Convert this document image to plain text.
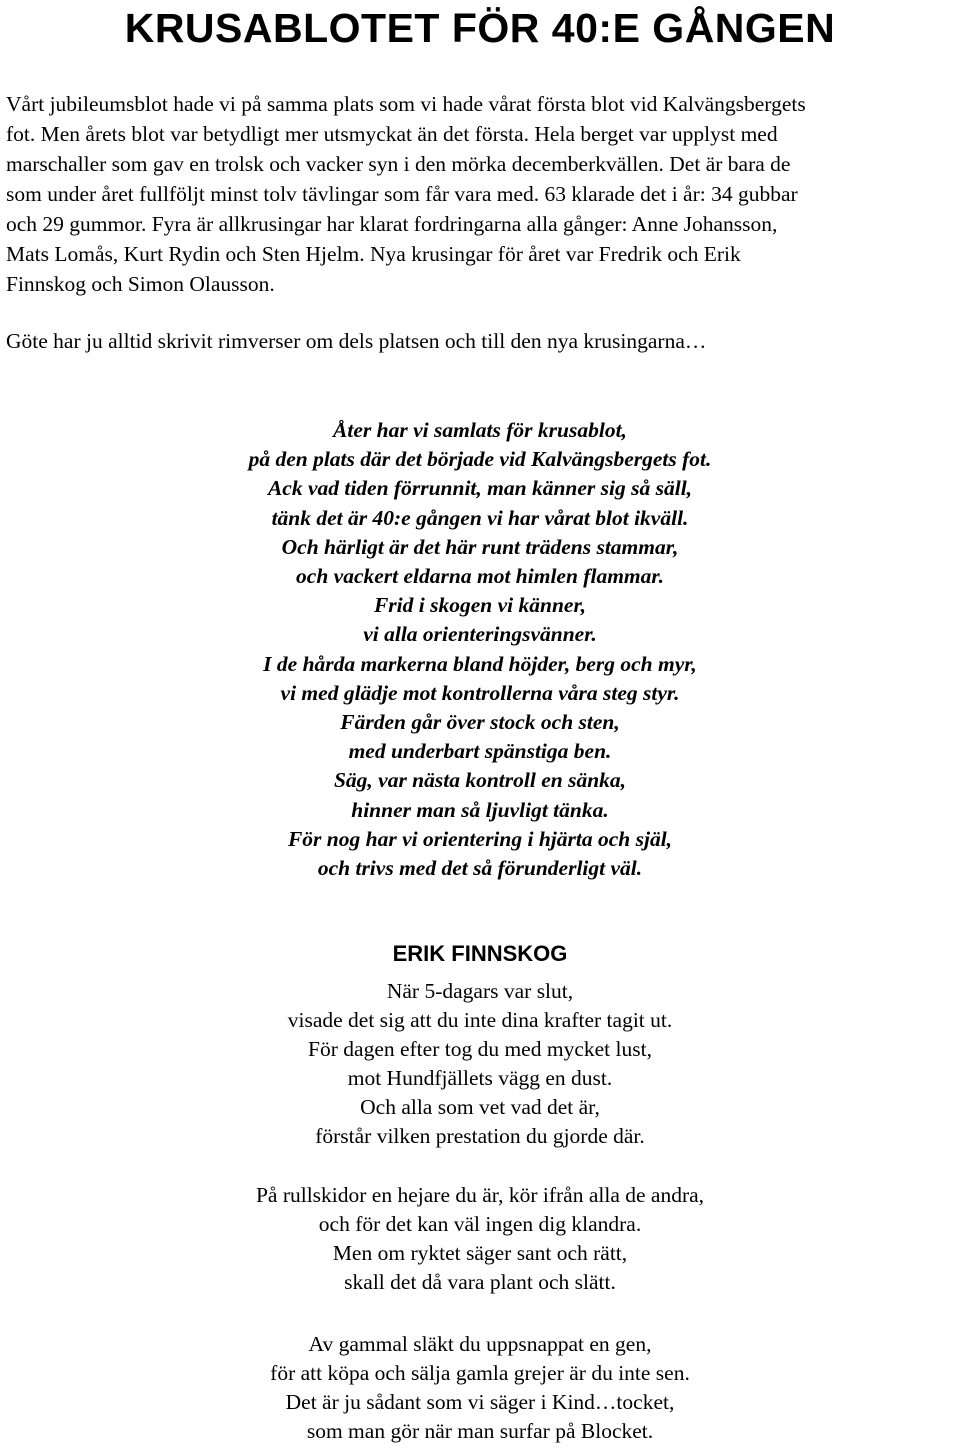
KRUSABLOTET FÖR 40:E GÅNGEN
Vårt jubileumsblot hade vi på samma plats som vi hade vårat första blot vid Kalvängsbergets
fot. Men årets blot var betydligt mer utsmyckat än det första. Hela berget var upplyst med
marschaller som gav en trolsk och vacker syn i den mörka decemberkvällen. Det är bara de
som under året fullföljt minst tolv tävlingar som får vara med. 63 klarade det i år: 34 gubbar
och 29 gummor. Fyra är allkrusingar har klarat fordringarna alla gånger: Anne Johansson,
Mats Lomås, Kurt Rydin och Sten Hjelm. Nya krusingar för året var Fredrik och Erik
Finnskog och Simon Olausson.
Göte har ju alltid skrivit rimverser om dels platsen och till den nya krusingarna…
Åter har vi samlats för krusablot,
på den plats där det började vid Kalvängsbergets fot.
Ack vad tiden förrunnit, man känner sig så säll,
tänk det är 40:e gången vi har vårat blot ikväll.
Och härligt är det här runt trädens stammar,
och vackert eldarna mot himlen flammar.
Frid i skogen vi känner,
vi alla orienteringsvänner.
I de hårda markerna bland höjder, berg och myr,
vi med glädje mot kontrollerna våra steg styr.
Färden går över stock och sten,
med underbart spänstiga ben.
Säg, var nästa kontroll en sänka,
hinner man så ljuvligt tänka.
För nog har vi orientering i hjärta och själ,
och trivs med det så förunderligt väl.
ERIK FINNSKOG
När 5-dagars var slut,
visade det sig att du inte dina krafter tagit ut.
För dagen efter tog du med mycket lust,
mot Hundfjällets vägg en dust.
Och alla som vet vad det är,
förstår vilken prestation du gjorde där.
På rullskidor en hejare du är, kör ifrån alla de andra,
och för det kan väl ingen dig klandra.
Men om ryktet säger sant och rätt,
skall det då vara plant och slätt.
Av gammal släkt du uppsnappat en gen,
för att köpa och sälja gamla grejer är du inte sen.
Det är ju sådant som vi säger i Kind…tocket,
som man gör när man surfar på Blocket.
